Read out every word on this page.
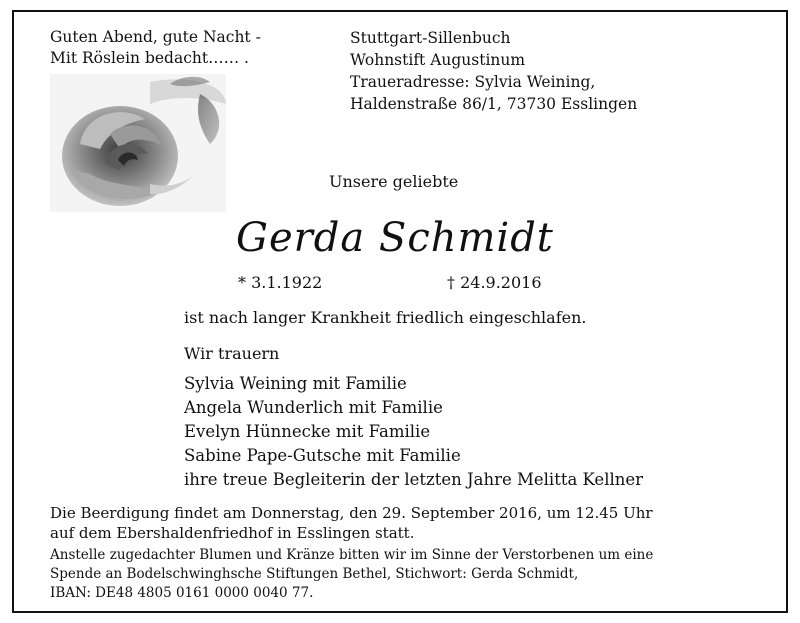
Guten Abend, gute Nacht -
Mit Röslein bedacht…… .
Stuttgart-Sillenbuch
Wohnstift Augustinum
Traueradresse: Sylvia Weining,
Haldenstraße 86/1, 73730 Esslingen
Unsere geliebte
Gerda Schmidt
* 3.1.1922	† 24.9.2016
ist nach langer Krankheit friedlich eingeschlafen.
Wir trauern
Sylvia Weining mit Familie
Angela Wunderlich mit Familie
Evelyn Hünnecke mit Familie
Sabine Pape-Gutsche mit Familie
ihre treue Begleiterin der letzten Jahre Melitta Kellner
Die Beerdigung findet am Donnerstag, den 29. September 2016, um 12.45 Uhr
auf dem Ebershaldenfriedhof in Esslingen statt.
Anstelle zugedachter Blumen und Kränze bitten wir im Sinne der Verstorbenen um eine
Spende an Bodelschwinghsche Stiftungen Bethel, Stichwort: Gerda Schmidt,
IBAN: DE48 4805 0161 0000 0040 77.
